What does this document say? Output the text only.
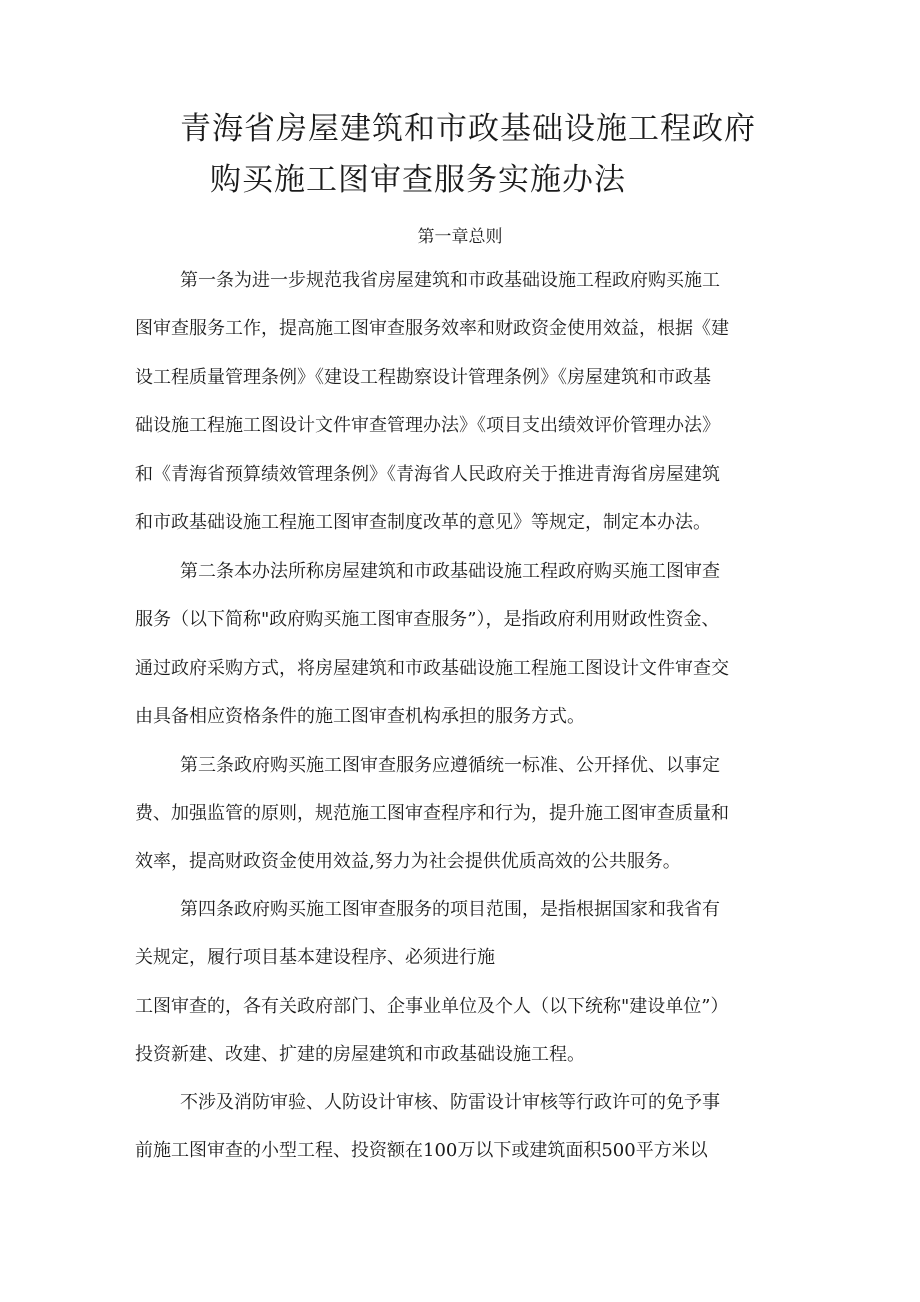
青海省房屋建筑和市政基础设施工程政府
购买施工图审查服务实施办法
第一章总则

第一条为进一步规范我省房屋建筑和市政基础设施工程政府购买施工

图审查服务工作，提高施工图审查服务效率和财政资金使用效益，根据《建

设工程质量管理条例》《建设工程勘察设计管理条例》《房屋建筑和市政基

础设施工程施工图设计文件审查管理办法》《项目支出绩效评价管理办法》

和《青海省预算绩效管理条例》《青海省人民政府关于推进青海省房屋建筑

和市政基础设施工程施工图审查制度改革的意见》等规定，制定本办法。

第二条本办法所称房屋建筑和市政基础设施工程政府购买施工图审查

服务（以下简称"政府购买施工图审查服务”），是指政府利用财政性资金、

通过政府采购方式，将房屋建筑和市政基础设施工程施工图设计文件审查交

由具备相应资格条件的施工图审查机构承担的服务方式。

第三条政府购买施工图审查服务应遵循统一标准、公开择优、以事定

费、加强监管的原则，规范施工图审查程序和行为，提升施工图审查质量和

效率，提高财政资金使用效益,努力为社会提供优质高效的公共服务。

第四条政府购买施工图审查服务的项目范围，是指根据国家和我省有

关规定，履行项目基本建设程序、必须进行施

工图审查的，各有关政府部门、企事业单位及个人（以下统称"建设单位”）

投资新建、改建、扩建的房屋建筑和市政基础设施工程。

不涉及消防审验、人防设计审核、防雷设计审核等行政许可的免予事

前施工图审查的小型工程、投资额在100万以下或建筑面积500平方米以
